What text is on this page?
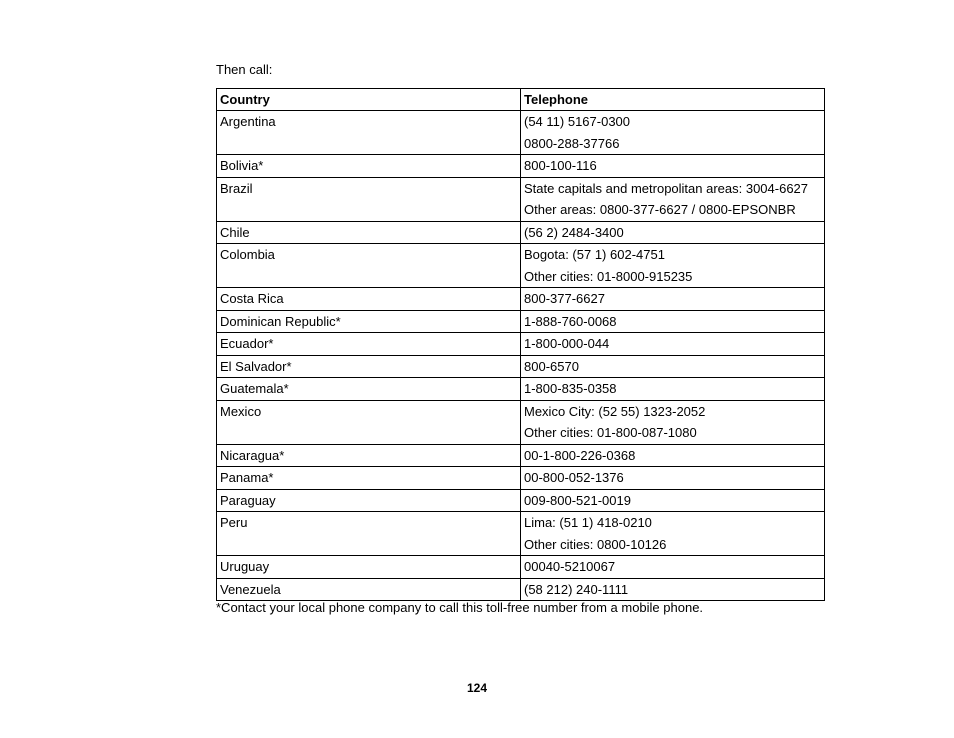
Then call:
Country	Telephone

Argentina	(54 11) 5167-0300
0800-288-37766

Bolivia*	800-100-116

Brazil	State capitals and metropolitan areas: 3004-6627
Other areas: 0800-377-6627 / 0800-EPSONBR

Chile	(56 2) 2484-3400

Colombia	Bogota: (57 1) 602-4751
Other cities: 01-8000-915235

Costa Rica	800-377-6627

Dominican Republic*	1-888-760-0068

Ecuador*	1-800-000-044

El Salvador*	800-6570

Guatemala*	1-800-835-0358

Mexico	Mexico City: (52 55) 1323-2052
Other cities: 01-800-087-1080

Nicaragua*	00-1-800-226-0368

Panama*	00-800-052-1376

Paraguay	009-800-521-0019

Peru	Lima: (51 1) 418-0210
Other cities: 0800-10126

Uruguay	00040-5210067

Venezuela	(58 212) 240-1111
*Contact your local phone company to call this toll-free number from a mobile phone.
124
